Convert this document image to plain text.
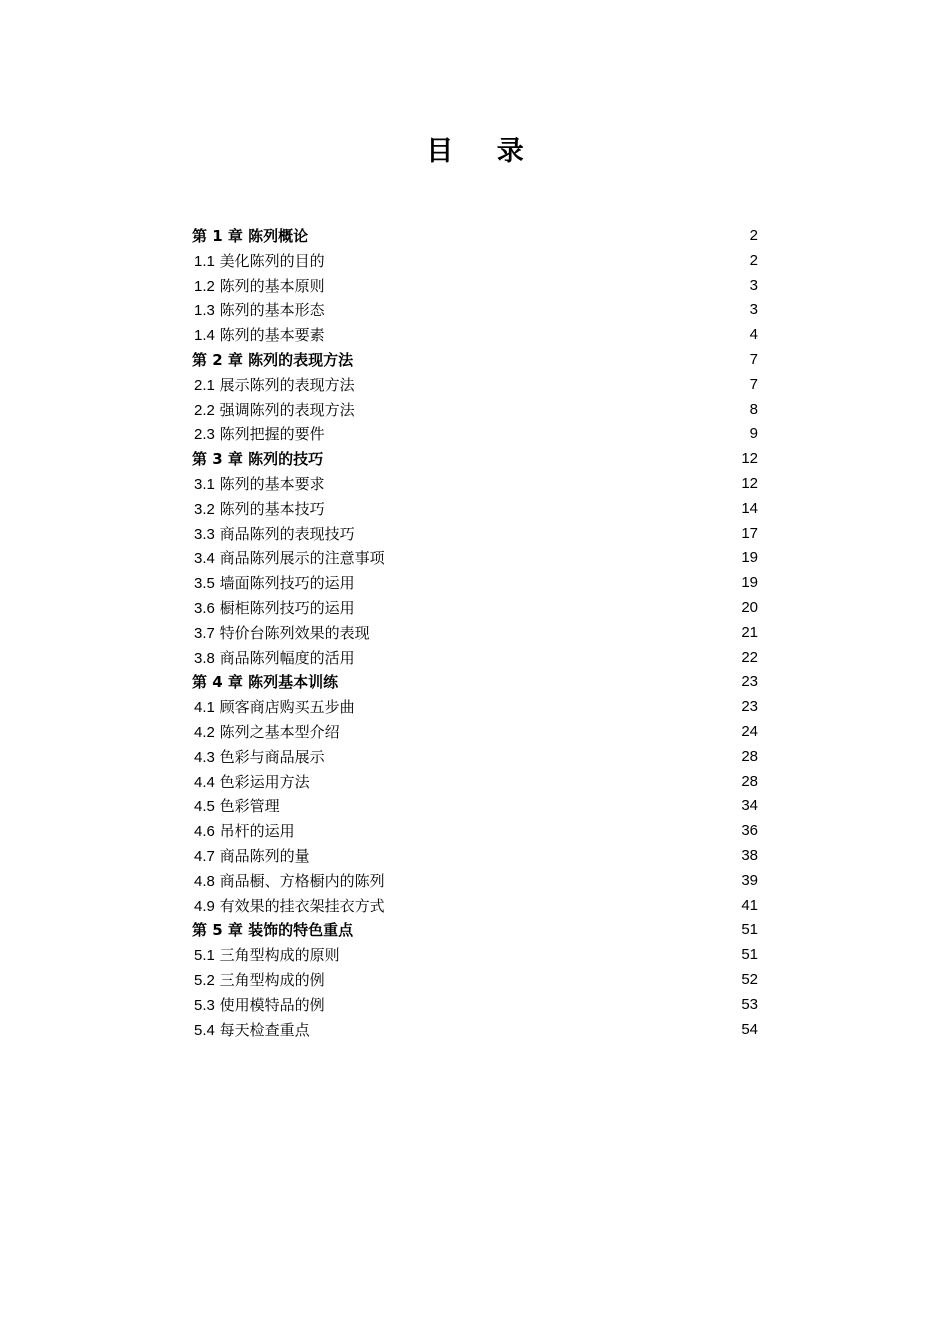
目 录
第 1 章 陈列概论	2
1.1 美化陈列的目的	2
1.2 陈列的基本原则	3
1.3 陈列的基本形态	3
1.4 陈列的基本要素	4
第 2 章 陈列的表现方法	7
2.1 展示陈列的表现方法	7
2.2 强调陈列的表现方法	8
2.3 陈列把握的要件	9
第 3 章 陈列的技巧	12
3.1 陈列的基本要求	12
3.2 陈列的基本技巧	14
3.3 商品陈列的表现技巧	17
3.4 商品陈列展示的注意事项	19
3.5 墙面陈列技巧的运用	19
3.6 橱柜陈列技巧的运用	20
3.7 特价台陈列效果的表现	21
3.8 商品陈列幅度的活用	22
第 4 章 陈列基本训练	23
4.1 顾客商店购买五步曲	23
4.2 陈列之基本型介绍	24
4.3 色彩与商品展示	28
4.4 色彩运用方法	28
4.5 色彩管理	34
4.6 吊杆的运用	36
4.7 商品陈列的量	38
4.8 商品橱、方格橱内的陈列	39
4.9 有效果的挂衣架挂衣方式	41
第 5 章 装饰的特色重点	51
5.1 三角型构成的原则	51
5.2 三角型构成的例	52
5.3 使用模特品的例	53
5.4 每天检查重点	54
